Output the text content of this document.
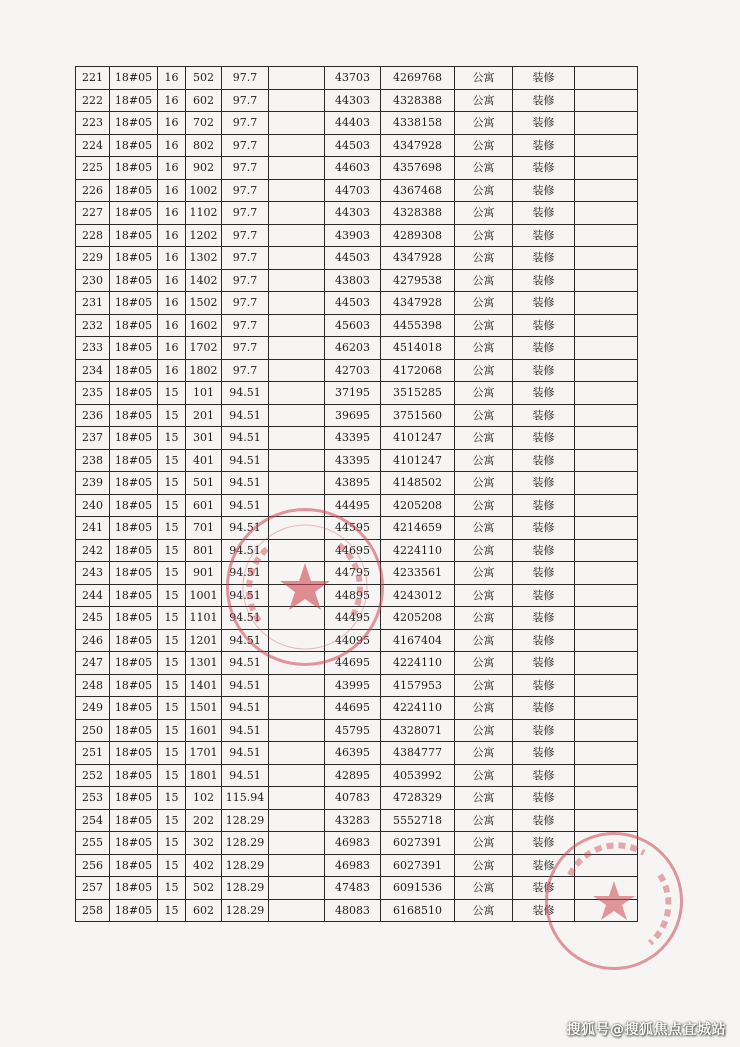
221	18#05	16	502	97.7		43703	4269768	公寓	装修	
222	18#05	16	602	97.7		44303	4328388	公寓	装修	
223	18#05	16	702	97.7		44403	4338158	公寓	装修	
224	18#05	16	802	97.7		44503	4347928	公寓	装修	
225	18#05	16	902	97.7		44603	4357698	公寓	装修	
226	18#05	16	1002	97.7		44703	4367468	公寓	装修	
227	18#05	16	1102	97.7		44303	4328388	公寓	装修	
228	18#05	16	1202	97.7		43903	4289308	公寓	装修	
229	18#05	16	1302	97.7		44503	4347928	公寓	装修	
230	18#05	16	1402	97.7		43803	4279538	公寓	装修	
231	18#05	16	1502	97.7		44503	4347928	公寓	装修	
232	18#05	16	1602	97.7		45603	4455398	公寓	装修	
233	18#05	16	1702	97.7		46203	4514018	公寓	装修	
234	18#05	16	1802	97.7		42703	4172068	公寓	装修	
235	18#05	15	101	94.51		37195	3515285	公寓	装修	
236	18#05	15	201	94.51		39695	3751560	公寓	装修	
237	18#05	15	301	94.51		43395	4101247	公寓	装修	
238	18#05	15	401	94.51		43395	4101247	公寓	装修	
239	18#05	15	501	94.51		43895	4148502	公寓	装修	
240	18#05	15	601	94.51		44495	4205208	公寓	装修	
241	18#05	15	701	94.51		44595	4214659	公寓	装修	
242	18#05	15	801	94.51		44695	4224110	公寓	装修	
243	18#05	15	901	94.51		44795	4233561	公寓	装修	
244	18#05	15	1001	94.51		44895	4243012	公寓	装修	
245	18#05	15	1101	94.51		44495	4205208	公寓	装修	
246	18#05	15	1201	94.51		44095	4167404	公寓	装修	
247	18#05	15	1301	94.51		44695	4224110	公寓	装修	
248	18#05	15	1401	94.51		43995	4157953	公寓	装修	
249	18#05	15	1501	94.51		44695	4224110	公寓	装修	
250	18#05	15	1601	94.51		45795	4328071	公寓	装修	
251	18#05	15	1701	94.51		46395	4384777	公寓	装修	
252	18#05	15	1801	94.51		42895	4053992	公寓	装修	
253	18#05	15	102	115.94		40783	4728329	公寓	装修	
254	18#05	15	202	128.29		43283	5552718	公寓	装修	
255	18#05	15	302	128.29		46983	6027391	公寓	装修	
256	18#05	15	402	128.29		46983	6027391	公寓	装修	
257	18#05	15	502	128.29		47483	6091536	公寓	装修	
258	18#05	15	602	128.29		48083	6168510	公寓	装修	
搜狐号@搜狐焦点宜城站
